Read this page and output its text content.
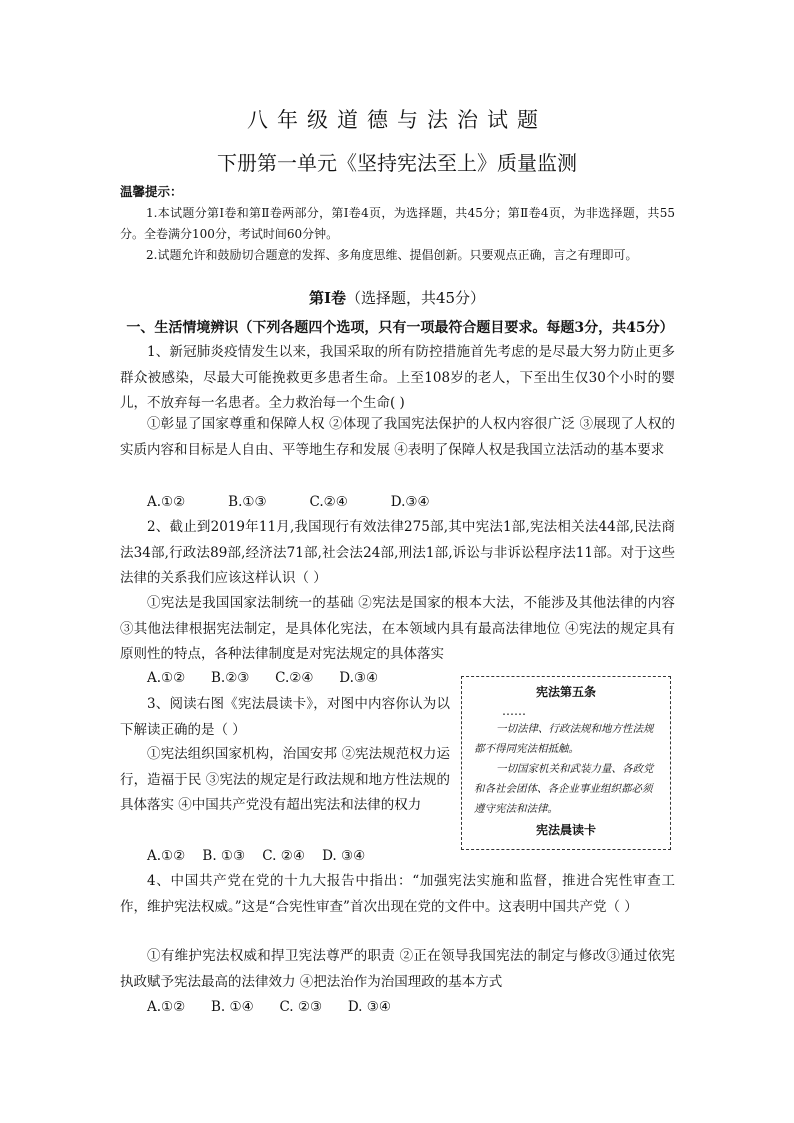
八年级道德与法治试题
下册第一单元《坚持宪法至上》质量监测
温馨提示：
1.本试题分第Ⅰ卷和第Ⅱ卷两部分，第Ⅰ卷4页，为选择题，共45分；第Ⅱ卷4页，为非选择题，共55分。全卷满分100分，考试时间60分钟。
2.试题允许和鼓励切合题意的发挥、多角度思维、提倡创新。只要观点正确，言之有理即可。
第Ⅰ卷（选择题，共45分）
一、生活情境辨识（下列各题四个选项，只有一项最符合题目要求。每题3分，共45分）
1、新冠肺炎疫情发生以来，我国采取的所有防控措施首先考虑的是尽最大努力防止更多群众被感染，尽最大可能挽救更多患者生命。上至108岁的老人，下至出生仅30个小时的婴儿，不放弃每一名患者。全力救治每一个生命( )
①彰显了国家尊重和保障人权 ②体现了我国宪法保护的人权内容很广泛 ③展现了人权的实质内容和目标是人自由、平等地生存和发展 ④表明了保障人权是我国立法活动的基本要求
A.①②          B.①③          C.②④          D.③④
2、截止到2019年11月,我国现行有效法律275部,其中宪法1部,宪法相关法44部,民法商法34部,行政法89部,经济法71部,社会法24部,刑法1部,诉讼与非诉讼程序法11部。对于这些法律的关系我们应该这样认识（ ）
①宪法是我国国家法制统一的基础 ②宪法是国家的根本大法，不能涉及其他法律的内容 ③其他法律根据宪法制定，是具体化宪法，在本领域内具有最高法律地位 ④宪法的规定具有原则性的特点，各种法律制度是对宪法规定的具体落实
A.①②      B.②③      C.②④      D.③④
3、阅读右图《宪法晨读卡》，对图中内容你认为以下解读正确的是（ ）
①宪法组织国家机构，治国安邦 ②宪法规范权力运行，造福于民 ③宪法的规定是行政法规和地方性法规的具体落实 ④中国共产党没有超出宪法和法律的权力
A.①②    B. ①③    C. ②④    D. ③④
宪法第五条
……
一切法律、行政法规和地方性法规都不得同宪法相抵触。
一切国家机关和武装力量、各政党和各社会团体、各企业事业组织都必须遵守宪法和法律。
宪法晨读卡
4、中国共产党在党的十九大报告中指出：“加强宪法实施和监督，推进合宪性审查工作，维护宪法权威。”这是“合宪性审查”首次出现在党的文件中。这表明中国共产党（ ）
①有维护宪法权威和捍卫宪法尊严的职责 ②正在领导我国宪法的制定与修改③通过依宪执政赋予宪法最高的法律效力 ④把法治作为治国理政的基本方式
A.①②      B. ①④      C. ②③      D. ③④
